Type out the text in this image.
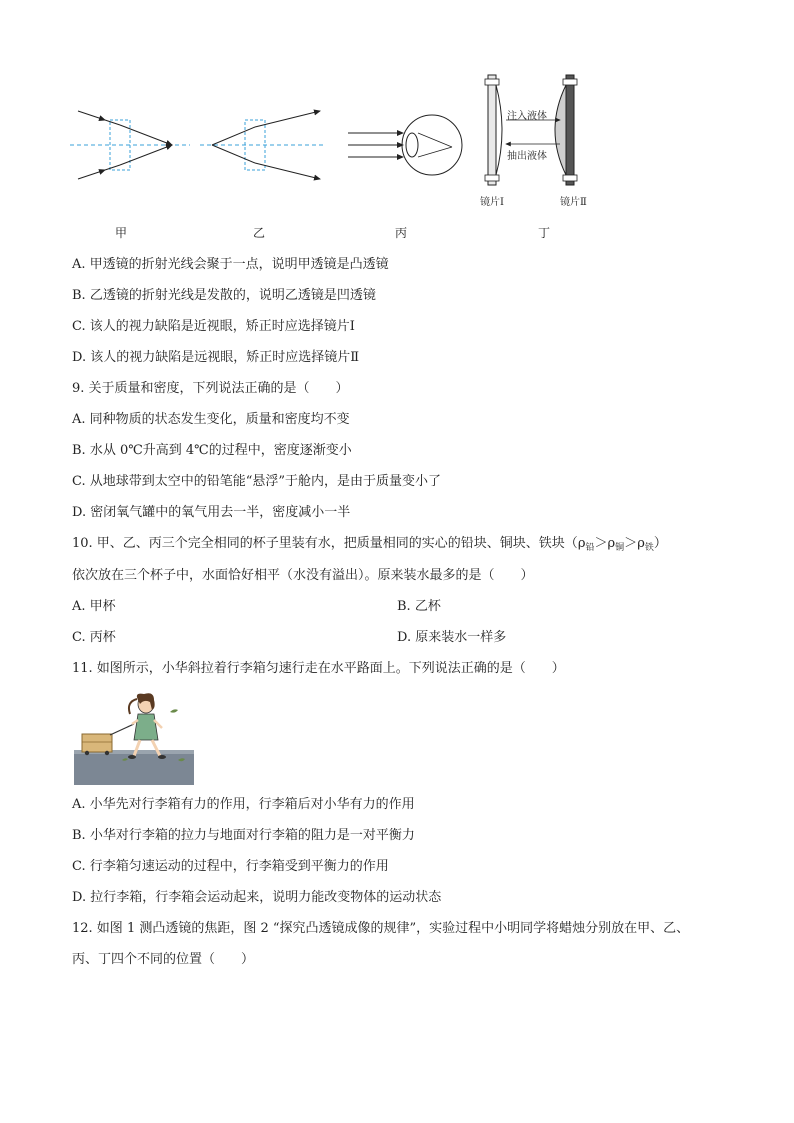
注入液体
抽出液体
镜片Ⅰ	镜片Ⅱ
甲	乙	丙	丁
A. 甲透镜的折射光线会聚于一点，说明甲透镜是凸透镜
B. 乙透镜的折射光线是发散的，说明乙透镜是凹透镜
C. 该人的视力缺陷是近视眼，矫正时应选择镜片Ⅰ
D. 该人的视力缺陷是远视眼，矫正时应选择镜片Ⅱ
9. 关于质量和密度，下列说法正确的是（　　）
A. 同种物质的状态发生变化，质量和密度均不变
B. 水从 0℃升高到 4℃的过程中，密度逐渐变小
C. 从地球带到太空中的铅笔能“悬浮”于舱内，是由于质量变小了
D. 密闭氧气罐中的氧气用去一半，密度减小一半
10. 甲、乙、丙三个完全相同的杯子里装有水，把质量相同的实心的铅块、铜块、铁块$(\rho_铅>\rho_铜>\rho_铁)$
依次放在三个杯子中，水面恰好相平（水没有溢出）。原来装水最多的是（　　）
A. 甲杯	B. 乙杯
C. 丙杯	D. 原来装水一样多
11. 如图所示，小华斜拉着行李箱匀速行走在水平路面上。下列说法正确的是（　　）
A. 小华先对行李箱有力的作用，行李箱后对小华有力的作用
B. 小华对行李箱的拉力与地面对行李箱的阻力是一对平衡力
C. 行李箱匀速运动的过程中，行李箱受到平衡力的作用
D. 拉行李箱，行李箱会运动起来，说明力能改变物体的运动状态
12. 如图 1 测凸透镜的焦距，图 2 “探究凸透镜成像的规律”，实验过程中小明同学将蜡烛分别放在甲、乙、
丙、丁四个不同的位置（　　）
